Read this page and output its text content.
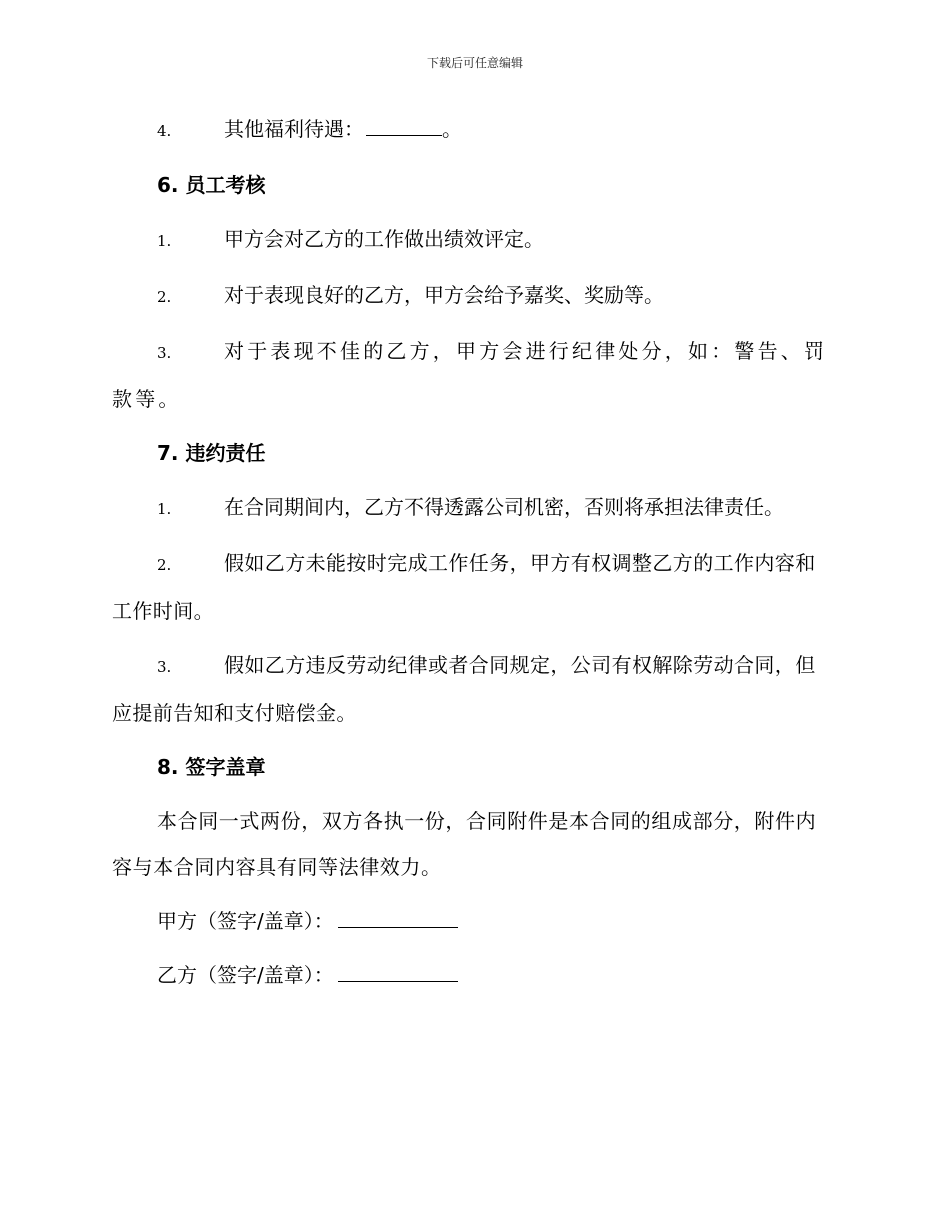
下载后可任意编辑
4.	其他福利待遇：	。
6. 员工考核
1.	甲方会对乙方的工作做出绩效评定。
2.	对于表现良好的乙方，甲方会给予嘉奖、奖励等。
3.	对于表现不佳的乙方，甲方会进行纪律处分，如：警告、罚款等。
7. 违约责任
1.	在合同期间内，乙方不得透露公司机密，否则将承担法律责任。
2.	假如乙方未能按时完成工作任务，甲方有权调整乙方的工作内容和工作时间。
3.	假如乙方违反劳动纪律或者合同规定，公司有权解除劳动合同，但应提前告知和支付赔偿金。
8. 签字盖章
本合同一式两份，双方各执一份，合同附件是本合同的组成部分，附件内容与本合同内容具有同等法律效力。
甲方（签字/盖章）：
乙方（签字/盖章）：
